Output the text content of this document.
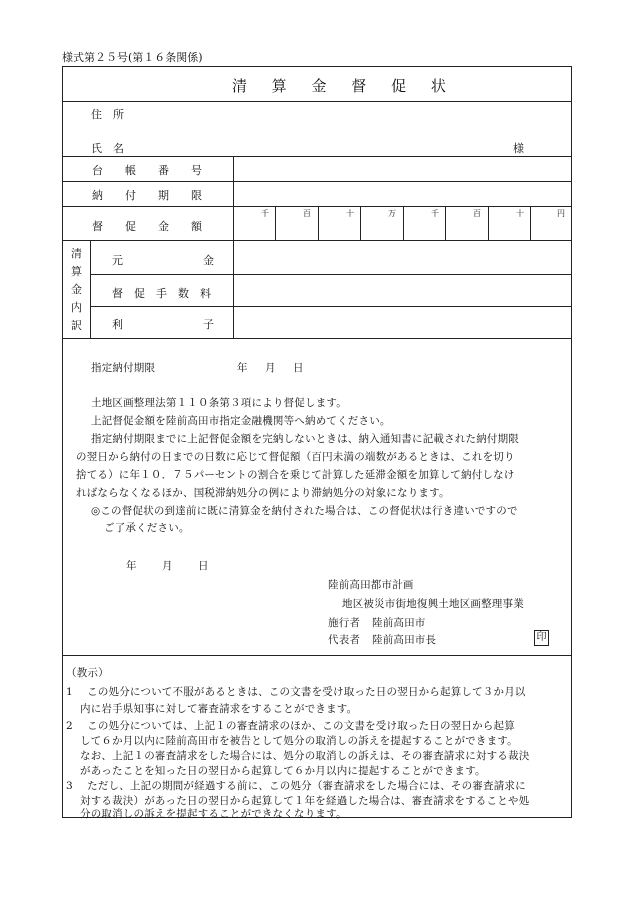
様式第２５号(第１６条関係)
清 算 金 督 促 状
住　所
氏　名	様
台　　帳　　番　　号
納　　付　　期　　限
督　　促　　金　　額
千	百	十	万	千	百	十	円
清
算
金
内
訳
元	金
督　促　手　数　料
利	子
指定納付期限	年 月 日
土地区画整理法第１１０条第３項により督促します。
上記督促金額を陸前高田市指定金融機関等へ納めてください。
指定納付期限までに上記督促金額を完納しないときは、納入通知書に記載された納付期限
の翌日から納付の日までの日数に応じて督促額（百円未満の端数があるときは、これを切り
捨てる）に年１０．７５パーセントの割合を乗じて計算した延滞金額を加算して納付しなけ
ればならなくなるほか、国税滞納処分の例により滞納処分の対象になります。
◎この督促状の到達前に既に清算金を納付された場合は、この督促状は行き違いですので
ご了承ください。
年 月 日
陸前高田都市計画
地区被災市街地復興土地区画整理事業
施行者 陸前高田市
代表者 陸前高田市長	印
（教示）
1　 この処分について不服があるときは、この文書を受け取った日の翌日から起算して３か月以
内に岩手県知事に対して審査請求をすることができます。
2　 この処分については、上記１の審査請求のほか、この文書を受け取った日の翌日から起算
して６か月以内に陸前高田市を被告として処分の取消しの訴えを提起することができます。
なお、上記１の審査請求をした場合には、処分の取消しの訴えは、その審査請求に対する裁決
があったことを知った日の翌日から起算して６か月以内に提起することができます。
3　 ただし、上記の期間が経過する前に、この処分（審査請求をした場合には、その審査請求に
対する裁決）があった日の翌日から起算して１年を経過した場合は、審査請求をすることや処
分の取消しの訴えを提起することができなくなります。
